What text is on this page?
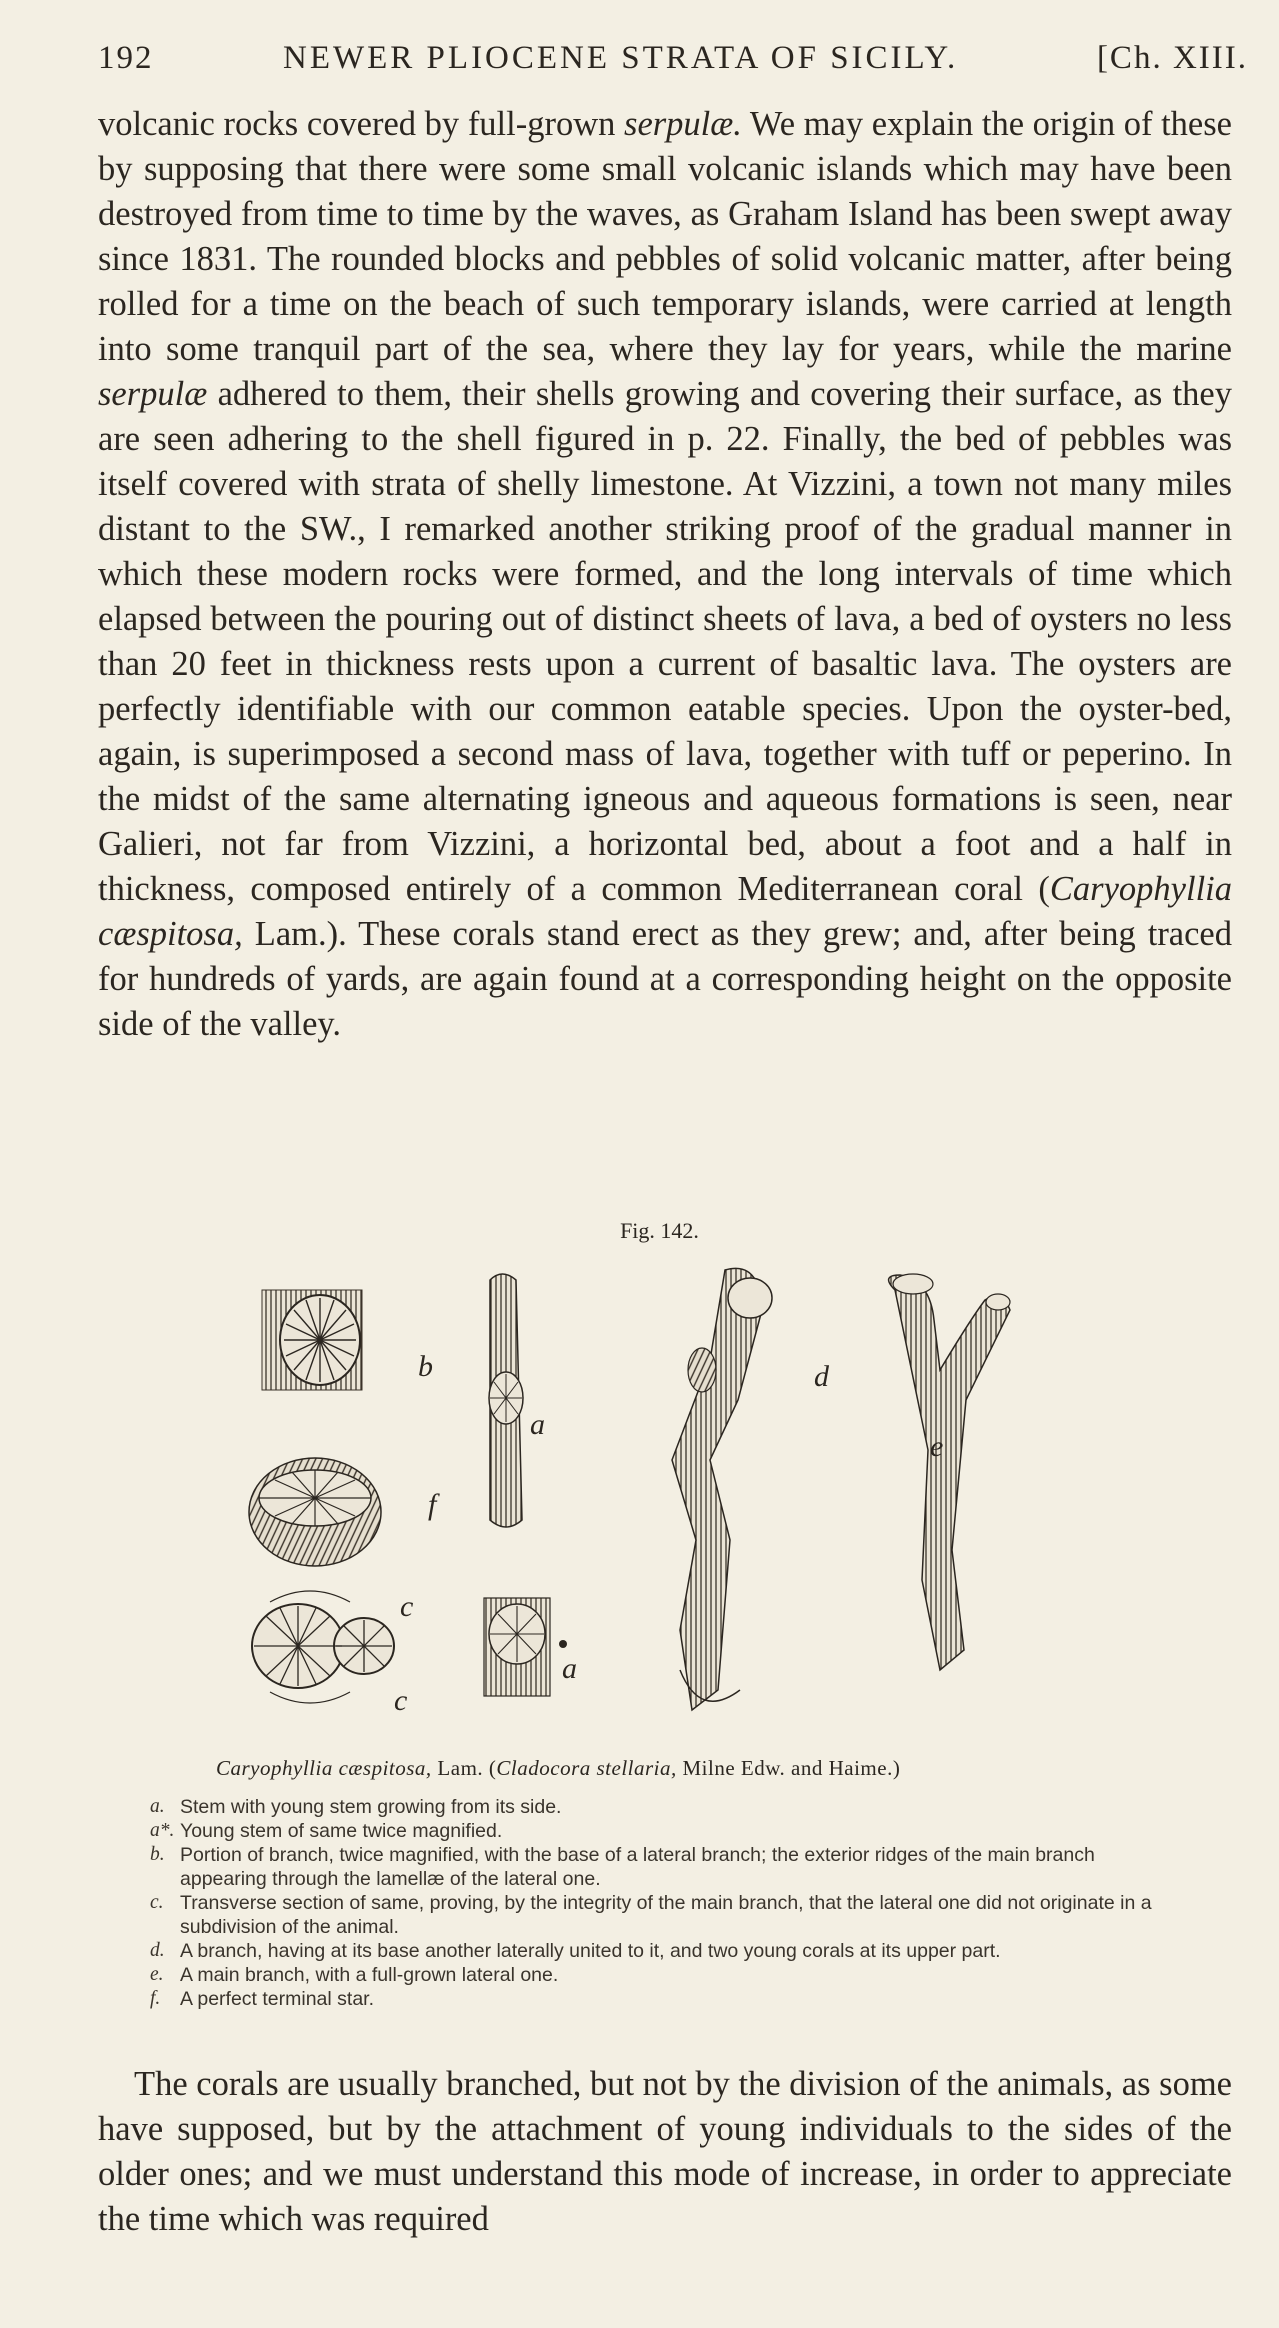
192	NEWER PLIOCENE STRATA OF SICILY.	[Ch. XIII.
volcanic rocks covered by full-grown serpulæ. We may explain the origin of these by supposing that there were some small volcanic islands which may have been destroyed from time to time by the waves, as Graham Island has been swept away since 1831. The rounded blocks and pebbles of solid volcanic matter, after being rolled for a time on the beach of such temporary islands, were carried at length into some tranquil part of the sea, where they lay for years, while the marine serpulæ adhered to them, their shells growing and covering their surface, as they are seen adhering to the shell figured in p. 22. Finally, the bed of pebbles was itself covered with strata of shelly limestone. At Vizzini, a town not many miles distant to the SW., I remarked another striking proof of the gradual manner in which these modern rocks were formed, and the long intervals of time which elapsed between the pouring out of distinct sheets of lava, a bed of oysters no less than 20 feet in thickness rests upon a current of basaltic lava. The oysters are perfectly identifiable with our common eatable species. Upon the oyster-bed, again, is superimposed a second mass of lava, together with tuff or peperino. In the midst of the same alternating igneous and aqueous formations is seen, near Galieri, not far from Vizzini, a horizontal bed, about a foot and a half in thickness, composed entirely of a common Mediterranean coral (Caryophyllia cæspitosa, Lam.). These corals stand erect as they grew; and, after being traced for hundreds of yards, are again found at a corresponding height on the opposite side of the valley.
Fig. 142.
b
f
a
c
c
a
d
e
Caryophyllia cæspitosa, Lam. (Cladocora stellaria, Milne Edw. and Haime.)
a. Stem with young stem growing from its side.
a*. Young stem of same twice magnified.
b. Portion of branch, twice magnified, with the base of a lateral branch; the exterior ridges of the main branch appearing through the lamellæ of the lateral one.
c. Transverse section of same, proving, by the integrity of the main branch, that the lateral one did not originate in a subdivision of the animal.
d. A branch, having at its base another laterally united to it, and two young corals at its upper part.
e. A main branch, with a full-grown lateral one.
f. A perfect terminal star.
The corals are usually branched, but not by the division of the animals, as some have supposed, but by the attachment of young individuals to the sides of the older ones; and we must understand this mode of increase, in order to appreciate the time which was required
